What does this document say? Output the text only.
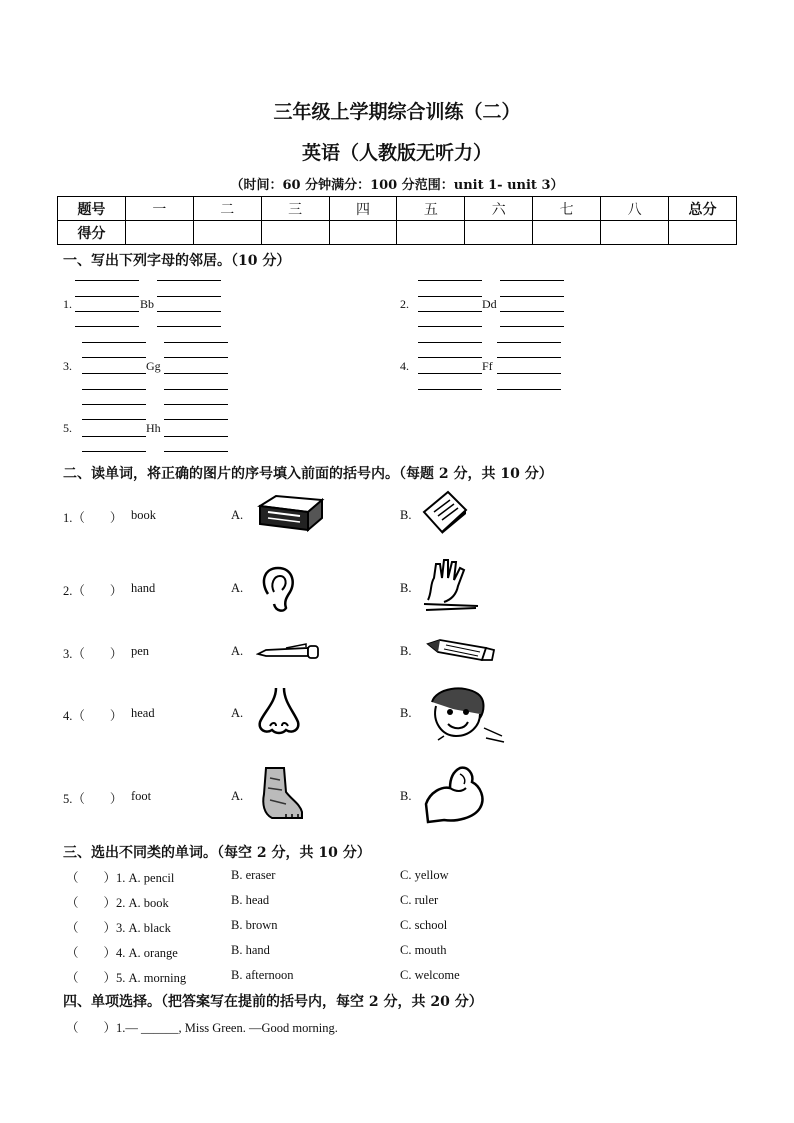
三年级上学期综合训练（二）
英语（人教版无听力）
（时间：60 分钟满分：100 分范围：unit 1- unit 3）
题号	一	二	三	四	五	六	七	八	总分
得分									
一、写出下列字母的邻居。（10 分）
1.	Bb	2.	Dd
3.	Gg	4.	Ff
5.	Hh
二、读单词，将正确的图片的序号填入前面的括号内。（每题 2 分，共 10 分）
1.（　　） book	A.	B.
2.（　　） hand	A.	B.
3.（　　） pen	A.	B.
4.（　　） head	A.	B.
5.（　　） foot	A.	B.
三、选出不同类的单词。（每空 2 分，共 10 分）
（　　）1. A. pencil	B. eraser	C. yellow
（　　）2. A. book	B. head	C. ruler
（　　）3. A. black	B. brown	C. school
（　　）4. A. orange	B. hand	C. mouth
（　　）5. A. morning	B. afternoon	C. welcome
四、单项选择。（把答案写在提前的括号内，每空 2 分，共 20 分）
（　　）1.— ______, Miss Green. —Good morning.
